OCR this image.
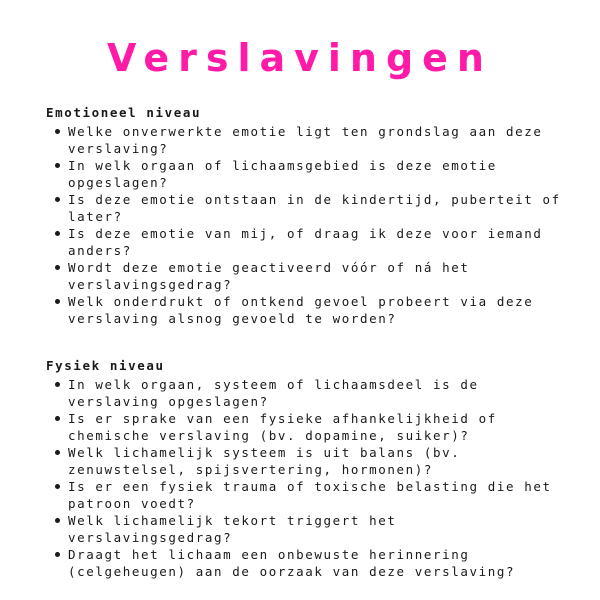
Verslavingen
Emotioneel niveau
Welke onverwerkte emotie ligt ten grondslag aan deze verslaving?
In welk orgaan of lichaamsgebied is deze emotie opgeslagen?
Is deze emotie ontstaan in de kindertijd, puberteit of later?
Is deze emotie van mij, of draag ik deze voor iemand anders?
Wordt deze emotie geactiveerd vóór of ná het verslavingsgedrag?
Welk onderdrukt of ontkend gevoel probeert via deze verslaving alsnog gevoeld te worden?
Fysiek niveau
In welk orgaan, systeem of lichaamsdeel is de verslaving opgeslagen?
Is er sprake van een fysieke afhankelijkheid of chemische verslaving (bv. dopamine, suiker)?
Welk lichamelijk systeem is uit balans (bv. zenuwstelsel, spijsvertering, hormonen)?
Is er een fysiek trauma of toxische belasting die het patroon voedt?
Welk lichamelijk tekort triggert het verslavingsgedrag?
Draagt het lichaam een onbewuste herinnering (celgeheugen) aan de oorzaak van deze verslaving?
